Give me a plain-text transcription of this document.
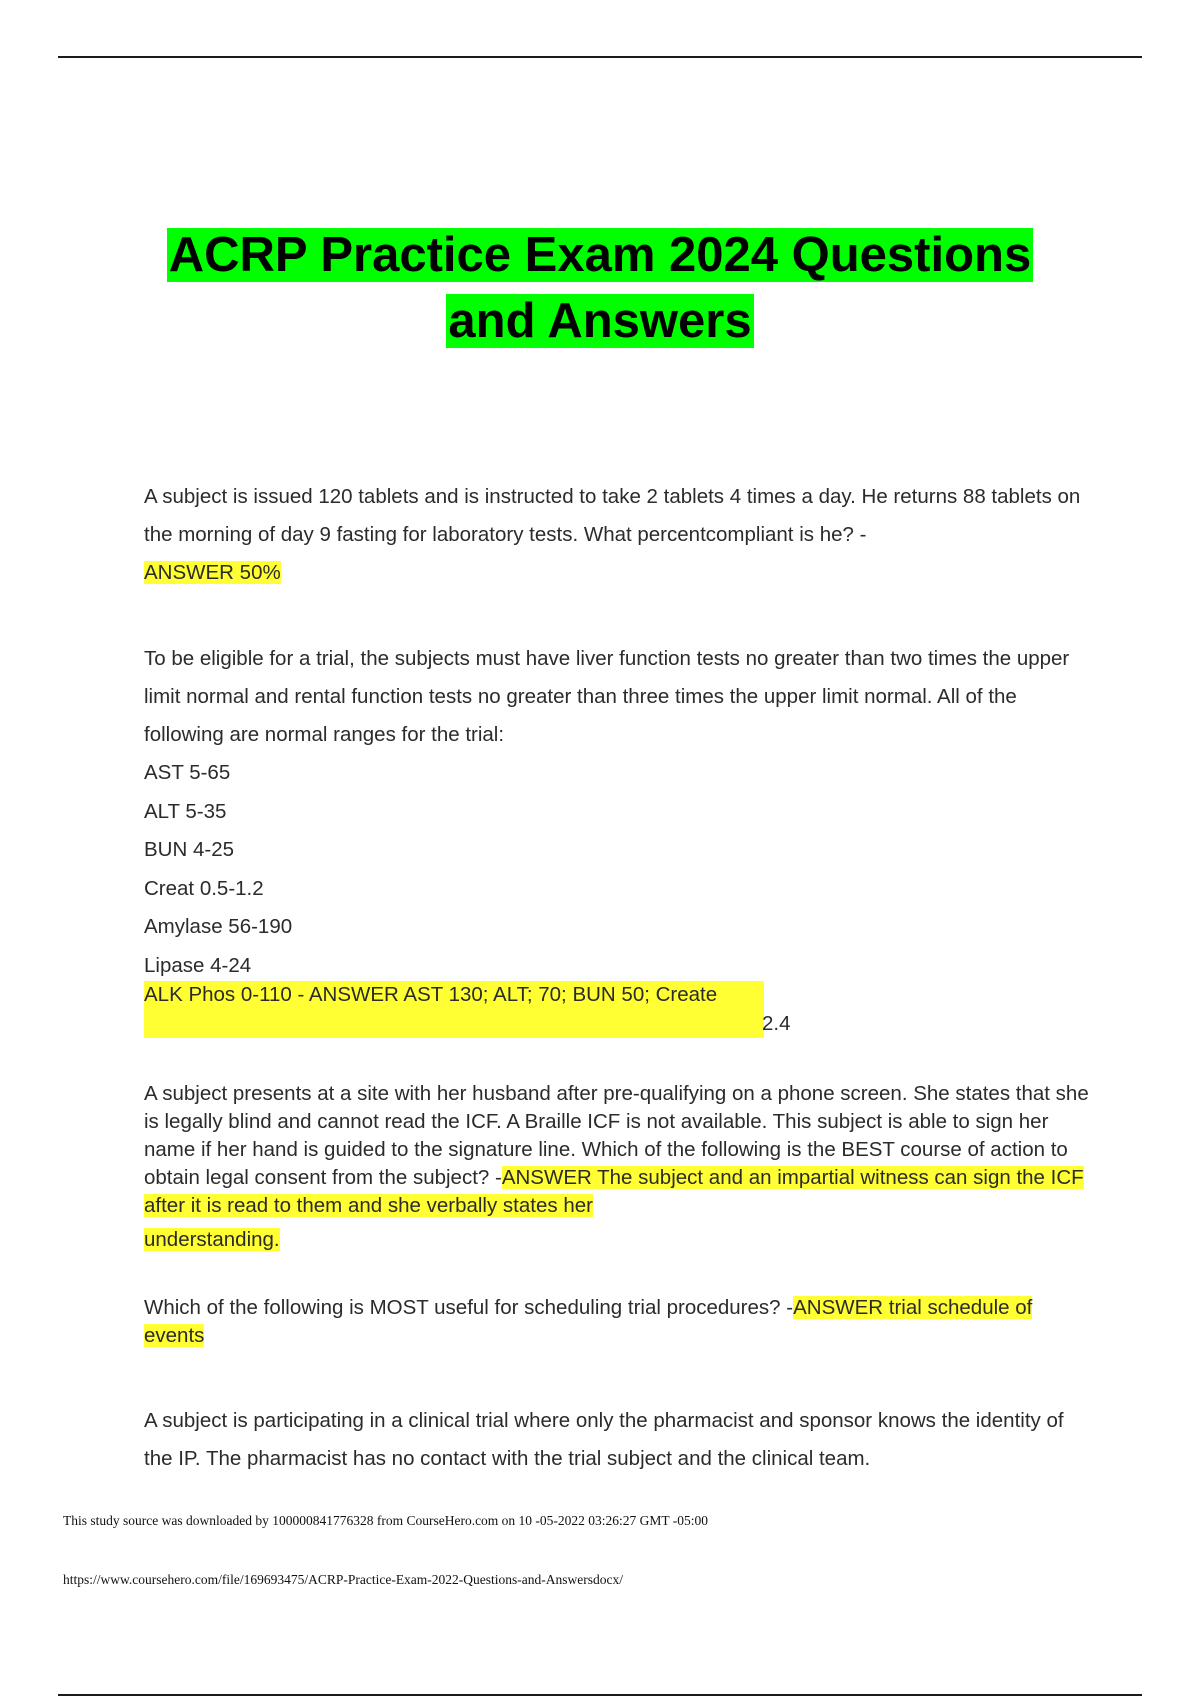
ACRP Practice Exam 2024 Questions
and Answers
A subject is issued 120 tablets and is instructed to take 2 tablets 4 times a day. He returns 88 tablets on the morning of day 9 fasting for laboratory tests. What percentcompliant is he? -
ANSWER 50%
To be eligible for a trial, the subjects must have liver function tests no greater than two times the upper limit normal and rental function tests no greater than three times the upper limit normal. All of the following are normal ranges for the trial:
AST 5-65
ALT 5-35
BUN 4-25
Creat 0.5-1.2
Amylase 56-190
Lipase 4-24
ALK Phos 0-110 - ANSWER AST 130; ALT; 70; BUN 50; Create
2.4
A subject presents at a site with her husband after pre-qualifying on a phone screen. She states that she is legally blind and cannot read the ICF. A Braille ICF is not available. This subject is able to sign her name if her hand is guided to the signature line. Which of the following is the BEST course of action to obtain legal consent from the subject? -ANSWER The subject and an impartial witness can sign the ICF after it is read to them and she verbally states her
understanding.
Which of the following is MOST useful for scheduling trial procedures? -ANSWER trial schedule of events
A subject is participating in a clinical trial where only the pharmacist and sponsor knows the identity of the IP. The pharmacist has no contact with the trial subject and the clinical team.
This study source was downloaded by 100000841776328 from CourseHero.com on 10 -05-2022 03:26:27 GMT -05:00
https://www.coursehero.com/file/169693475/ACRP-Practice-Exam-2022-Questions-and-Answersdocx/
